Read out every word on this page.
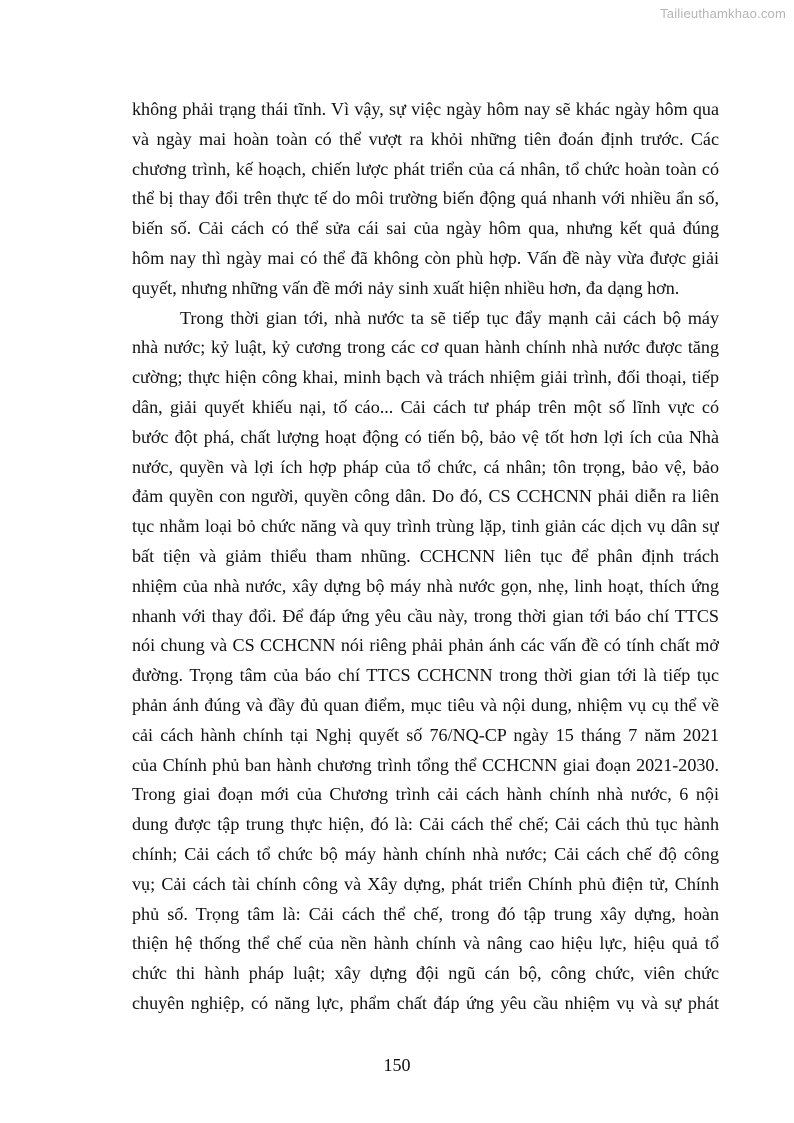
Tailieuthamkhao.com
không phải trạng thái tĩnh. Vì vậy, sự việc ngày hôm nay sẽ khác ngày hôm qua
và ngày mai hoàn toàn có thể vượt ra khỏi những tiên đoán định trước. Các
chương trình, kế hoạch, chiến lược phát triển của cá nhân, tổ chức hoàn toàn có
thể bị thay đổi trên thực tế do môi trường biến động quá nhanh với nhiều ẩn số,
biến số. Cải cách có thể sửa cái sai của ngày hôm qua, nhưng kết quả đúng
hôm nay thì ngày mai có thể đã không còn phù hợp. Vấn đề này vừa được giải
quyết, nhưng những vấn đề mới nảy sinh xuất hiện nhiều hơn, đa dạng hơn.
Trong thời gian tới, nhà nước ta sẽ tiếp tục đẩy mạnh cải cách bộ máy
nhà nước; kỷ luật, kỷ cương trong các cơ quan hành chính nhà nước được tăng
cường; thực hiện công khai, minh bạch và trách nhiệm giải trình, đối thoại, tiếp
dân, giải quyết khiếu nại, tố cáo... Cải cách tư pháp trên một số lĩnh vực có
bước đột phá, chất lượng hoạt động có tiến bộ, bảo vệ tốt hơn lợi ích của Nhà
nước, quyền và lợi ích hợp pháp của tổ chức, cá nhân; tôn trọng, bảo vệ, bảo
đảm quyền con người, quyền công dân. Do đó, CS CCHCNN phải diễn ra liên
tục nhằm loại bỏ chức năng và quy trình trùng lặp, tinh giản các dịch vụ dân sự
bất tiện và giảm thiểu tham nhũng. CCHCNN liên tục để phân định trách
nhiệm của nhà nước, xây dựng bộ máy nhà nước gọn, nhẹ, linh hoạt, thích ứng
nhanh với thay đổi. Để đáp ứng yêu cầu này, trong thời gian tới báo chí TTCS
nói chung và CS CCHCNN nói riêng phải phản ánh các vấn đề có tính chất mở
đường. Trọng tâm của báo chí TTCS CCHCNN trong thời gian tới là tiếp tục
phản ánh đúng và đầy đủ quan điểm, mục tiêu và nội dung, nhiệm vụ cụ thể về
cải cách hành chính tại Nghị quyết số 76/NQ-CP ngày 15 tháng 7 năm 2021
của Chính phủ ban hành chương trình tổng thể CCHCNN giai đoạn 2021-2030.
Trong giai đoạn mới của Chương trình cải cách hành chính nhà nước, 6 nội
dung được tập trung thực hiện, đó là: Cải cách thể chế; Cải cách thủ tục hành
chính; Cải cách tổ chức bộ máy hành chính nhà nước; Cải cách chế độ công
vụ; Cải cách tài chính công và Xây dựng, phát triển Chính phủ điện tử, Chính
phủ số. Trọng tâm là: Cải cách thể chế, trong đó tập trung xây dựng, hoàn
thiện hệ thống thể chế của nền hành chính và nâng cao hiệu lực, hiệu quả tổ
chức thi hành pháp luật; xây dựng đội ngũ cán bộ, công chức, viên chức
chuyên nghiệp, có năng lực, phẩm chất đáp ứng yêu cầu nhiệm vụ và sự phát
150
